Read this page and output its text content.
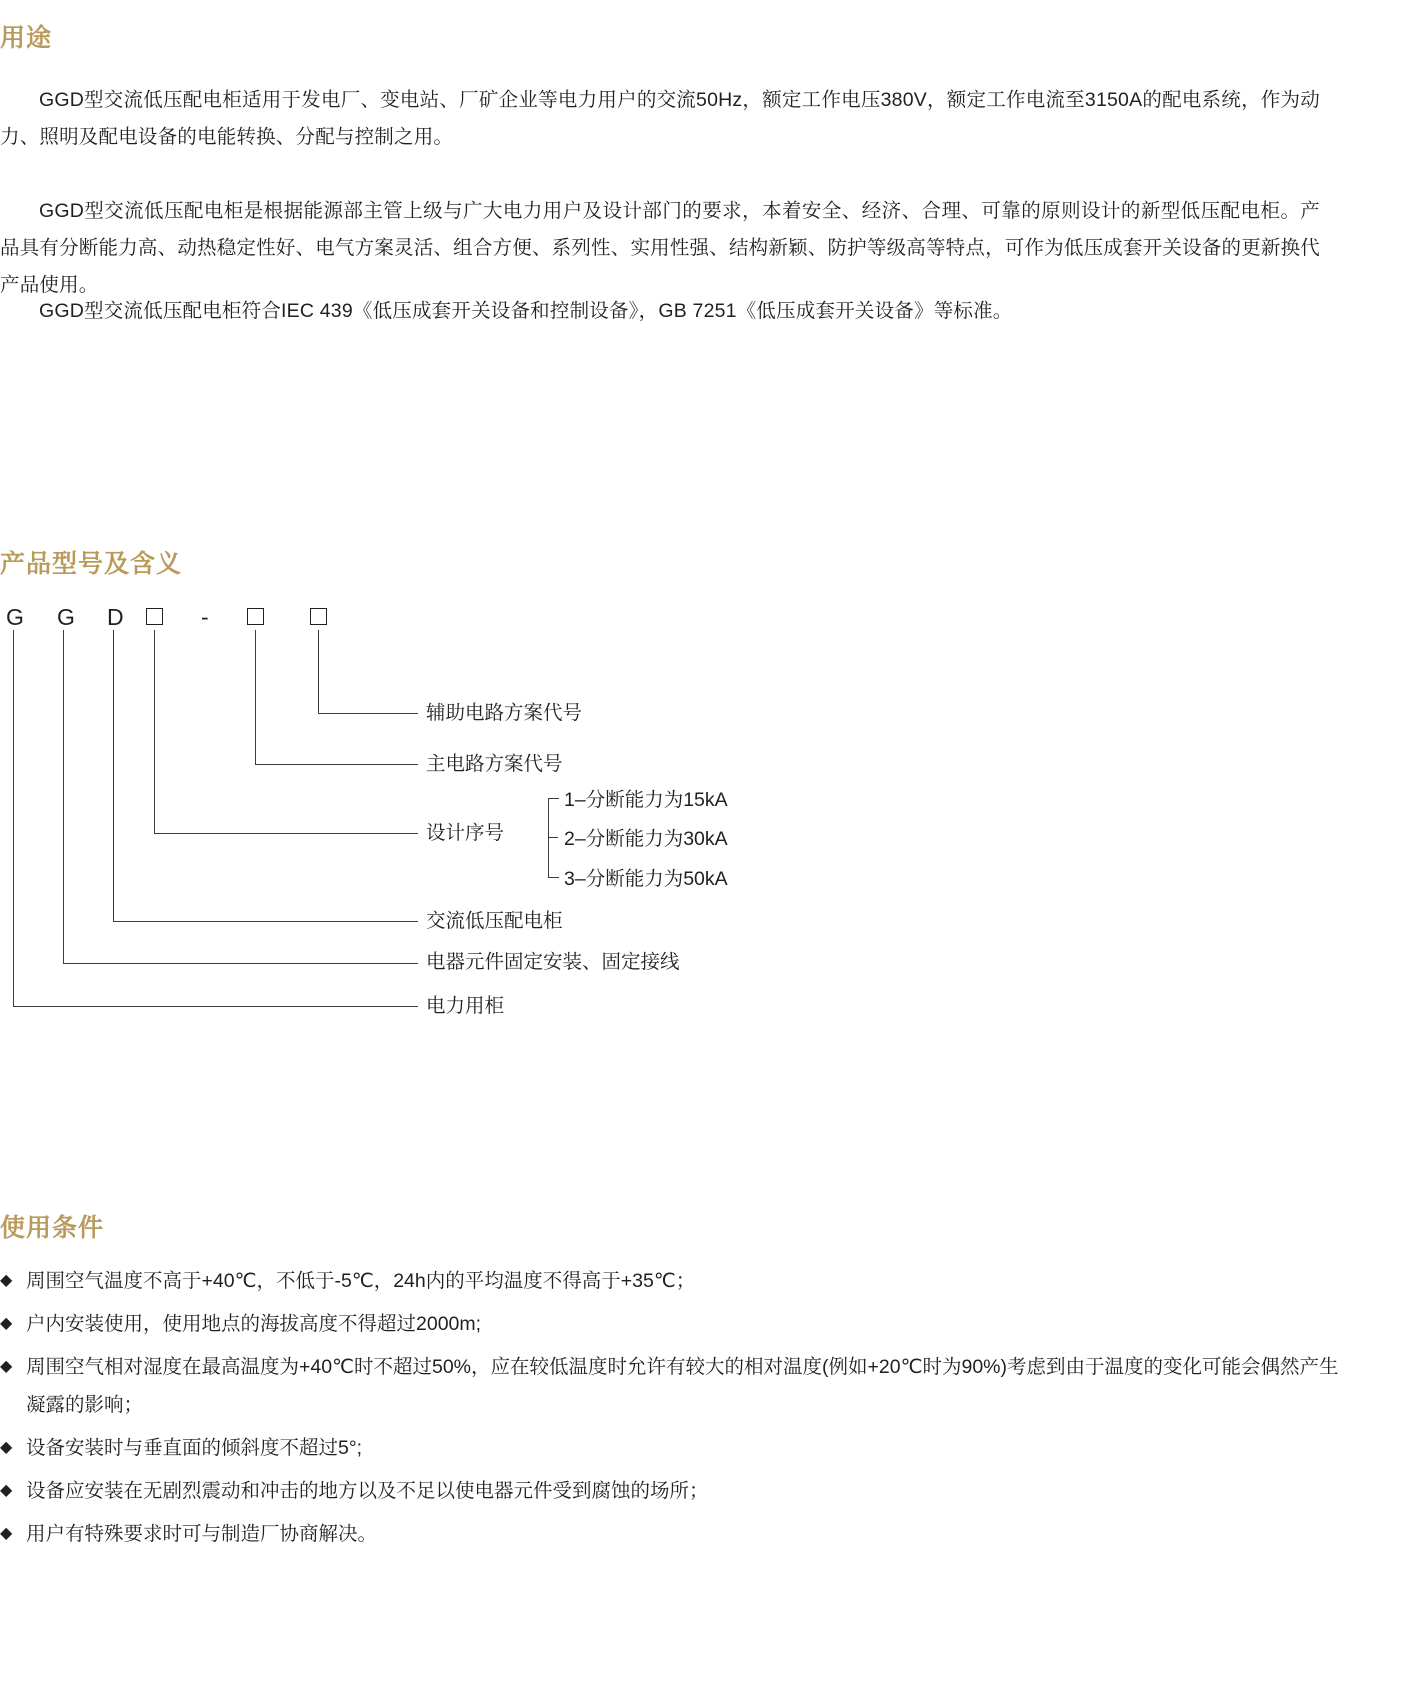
用途
GGD型交流低压配电柜适用于发电厂、变电站、厂矿企业等电力用户的交流50Hz，额定工作电压380V，额定工作电流至3150A的配电系统，作为动力、照明及配电设备的电能转换、分配与控制之用。
GGD型交流低压配电柜是根据能源部主管上级与广大电力用户及设计部门的要求，本着安全、经济、合理、可靠的原则设计的新型低压配电柜。产品具有分断能力高、动热稳定性好、电气方案灵活、组合方便、系列性、实用性强、结构新颖、防护等级高等特点，可作为低压成套开关设备的更新换代产品使用。
GGD型交流低压配电柜符合IEC 439《低压成套开关设备和控制设备》，GB 7251《低压成套开关设备》等标准。
产品型号及含义
G G D	-
辅助电路方案代号
主电路方案代号
设计序号
1–分断能力为15kA
2–分断能力为30kA
3–分断能力为50kA
交流低压配电柜
电器元件固定安装、固定接线
电力用柜
使用条件
◆ 周围空气温度不高于+40℃，不低于-5℃，24h内的平均温度不得高于+35℃；
◆ 户内安装使用，使用地点的海拔高度不得超过2000m;
◆ 周围空气相对湿度在最高温度为+40℃时不超过50%，应在较低温度时允许有较大的相对温度(例如+20℃时为90%)考虑到由于温度的变化可能会偶然产生凝露的影响；
◆ 设备安装时与垂直面的倾斜度不超过5°;
◆ 设备应安装在无剧烈震动和冲击的地方以及不足以使电器元件受到腐蚀的场所；
◆ 用户有特殊要求时可与制造厂协商解决。
